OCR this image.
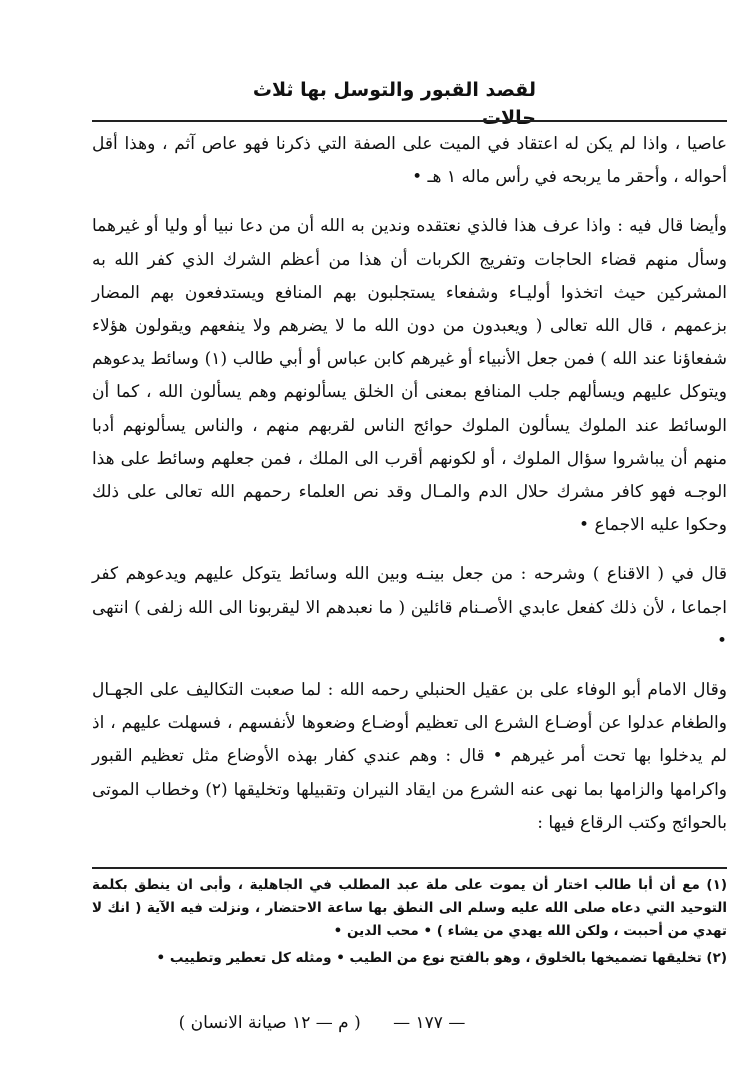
لقصد القبور والتوسل بها ثلاث حالات

عاصيا ، واذا لم يكن له اعتقاد في الميت على الصفة التي ذكرنا فهو عاص آثم ، وهذا أقل أحواله ، وأحقر ما يربحه في رأس ماله ١ هـ •

وأيضا قال فيه : واذا عرف هذا فالذي نعتقده وندين به الله أن من دعا نبيا أو وليا أو غيرهما وسأل منهم قضاء الحاجات وتفريج الكربات أن هذا من أعظم الشرك الذي كفر الله به المشركين حيث اتخذوا أوليـاء وشفعاء يستجلبون بهم المنافع ويستدفعون بهم المضار بزعمهم ، قال الله تعالى ( ويعبدون من دون الله ما لا يضرهم ولا ينفعهم ويقولون هؤلاء شفعاؤنا عند الله ) فمن جعل الأنبياء أو غيرهم كابن عباس أو أبي طالب (١) وسائط يدعوهم ويتوكل عليهم ويسألهم جلب المنافع بمعنى أن الخلق يسألونهم وهم يسألون الله ، كما أن الوسائط عند الملوك يسألون الملوك حوائج الناس لقربهم منهم ، والناس يسألونهم أدبا منهم أن يباشروا سؤال الملوك ، أو لكونهم أقرب الى الملك ، فمن جعلهم وسائط على هذا الوجـه فهو كافر مشرك حلال الدم والمـال وقد نص العلماء رحمهم الله تعالى على ذلك وحكوا عليه الاجماع •

قال في ( الاقناع ) وشرحه : من جعل بينـه وبين الله وسائط يتوكل عليهم ويدعوهم كفر اجماعا ، لأن ذلك كفعل عابدي الأصـنام قائلين ( ما نعبدهم الا ليقربونا الى الله زلفى ) انتهى •

وقال الامام أبو الوفاء على بن عقيل الحنبلي رحمه الله : لما صعبت التكاليف على الجهـال والطغام عدلوا عن أوضـاع الشرع الى تعظيم أوضـاع وضعوها لأنفسهم ، فسهلت عليهم ، اذ لم يدخلوا بها تحت أمر غيرهم • قال : وهم عندي كفار بهذه الأوضاع مثل تعظيم القبور واكرامها والزامها بما نهى عنه الشرع من ايقاد النيران وتقبيلها وتخليقها (٢) وخطاب الموتى بالحوائج وكتب الرقاع فيها :

(١) مع أن أبا طالب اختار أن يموت على ملة عبد المطلب في الجاهلية ، وأبى ان ينطق بكلمة التوحيد التي دعاه صلى الله عليه وسلم الى النطق بها ساعة الاحتضار ، ونزلت فيه الآية ( انك لا تهدي من أحببت ، ولكن الله يهدي من يشاء ) • محب الدين •

(٢) تخليقها تضميخها بالخلوق ، وهو بالفتح نوع من الطيب • ومثله كل تعطير وتطييب •

— ١٧٧ —      ( م — ١٢ صيانة الانسان )
